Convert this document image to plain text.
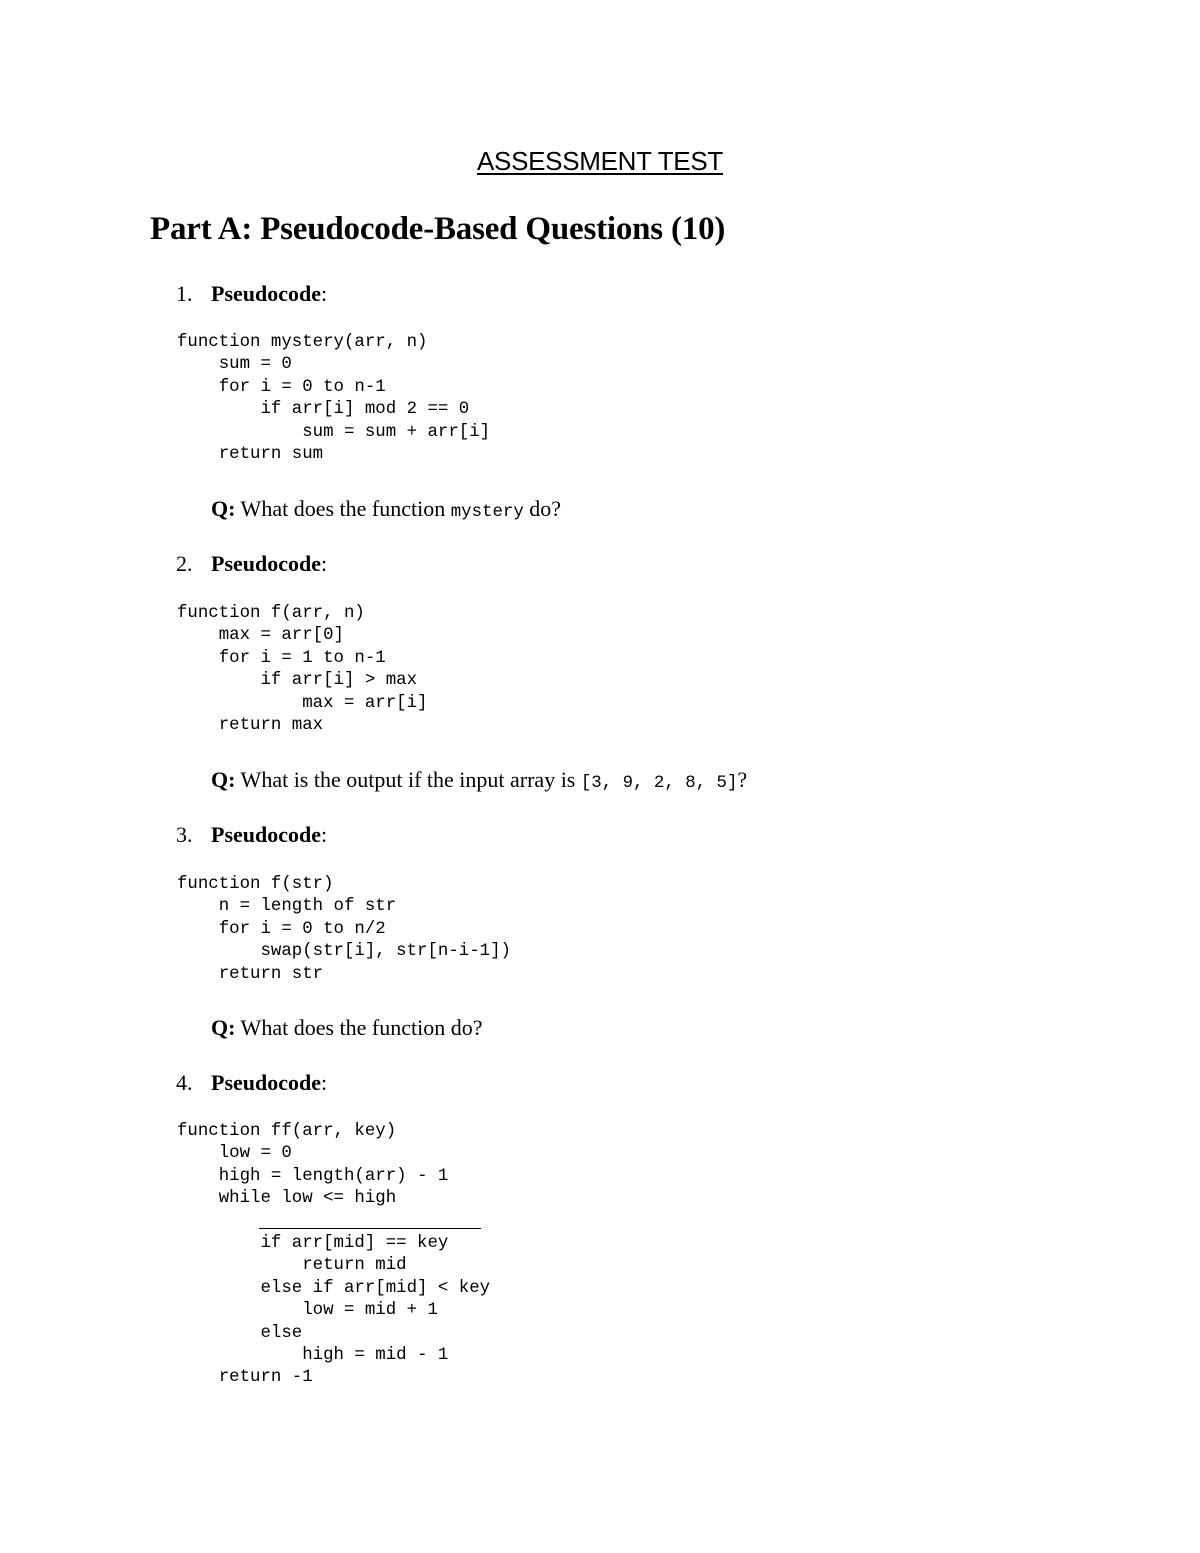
ASSESSMENT TEST
Part A: Pseudocode-Based Questions (10)
1. Pseudocode:
function mystery(arr, n)
sum = 0
for i = 0 to n-1
if arr[i] mod 2 == 0
sum = sum + arr[i]
return sum
Q: What does the function mystery do?
2. Pseudocode:
function f(arr, n)
max = arr[0]
for i = 1 to n-1
if arr[i] > max
max = arr[i]
return max
Q: What is the output if the input array is [3, 9, 2, 8, 5]?
3. Pseudocode:
function f(str)
n = length of str
for i = 0 to n/2
swap(str[i], str[n-i-1])
return str
Q: What does the function do?
4. Pseudocode:
function ff(arr, key)
low = 0
high = length(arr) - 1
while low <= high
if arr[mid] == key
return mid
else if arr[mid] < key
low = mid + 1
else
high = mid - 1
return -1
